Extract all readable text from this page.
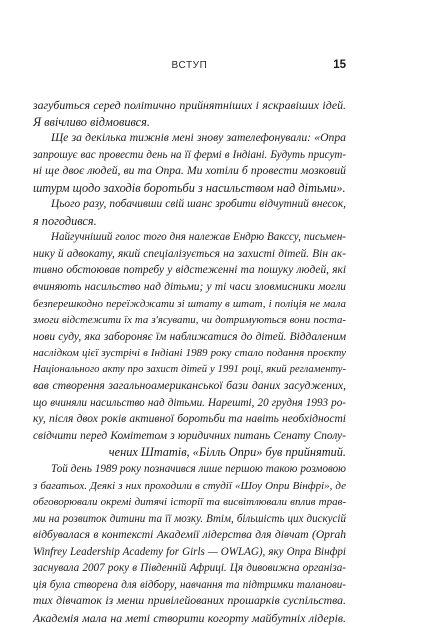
ВСТУП	15
загубиться серед політично прийнятніших і яскравіших ідей.
Я ввічливо відмовився.
Ще за декілька тижнів мені знову зателефонували: «Опра
запрошує вас провести день на її фермі в Індіані. Будуть присут-
ні ще двоє людей, ви та Опра. Ми хотіли б провести мозковий
штурм щодо заходів боротьби з насильством над дітьми».
Цього разу, побачивши свій шанс зробити відчутний внесок,
я погодився.
Найгучніший голос того дня належав Ендрю Вакссу, письмен-
нику й адвокату, який спеціалізується на захисті дітей. Він ак-
тивно обстоював потребу у відстеженні та пошуку людей, які
вчиняють насильство над дітьми; у ті часи зловмисники могли
безперешкодно переїжджати зі штату в штат, і поліція не мала
змоги відстежити їх та з'ясувати, чи дотримуються вони поста-
нови суду, яка забороняє їм наближатися до дітей. Віддаленим
наслідком цієї зустрічі в Індіані 1989 року стало подання проєкту
Національного акту про захист дітей у 1991 році, який регламенту-
вав створення загальноамериканської бази даних засуджених,
що вчиняли насильство над дітьми. Нарешті, 20 грудня 1993 ро-
ку, після двох років активної боротьби та навіть необхідності
свідчити перед Комітетом з юридичних питань Сенату Сполу-
чених Штатів, «Білль Опри» був прийнятий.
Той день 1989 року позначився лише першою такою розмовою
з багатьох. Деякі з них проходили в студії «Шоу Опри Вінфрі», де
обговорювали окремі дитячі історії та висвітлювали вплив трав-
ми на розвиток дитини та її мозку. Втім, більшість цих дискусій
відбувалася в контексті Академії лідерства для дівчат (Oprah
Winfrey Leadership Academy for Girls — OWLAG), яку Опра Вінфрі
заснувала 2007 року в Південній Африці. Ця дивовижна організа-
ція була створена для відбору, навчання та підтримки таланови-
тих дівчаток із менш привілейованих прошарків суспільства.
Академія мала на меті створити когорту майбутніх лідерів.
